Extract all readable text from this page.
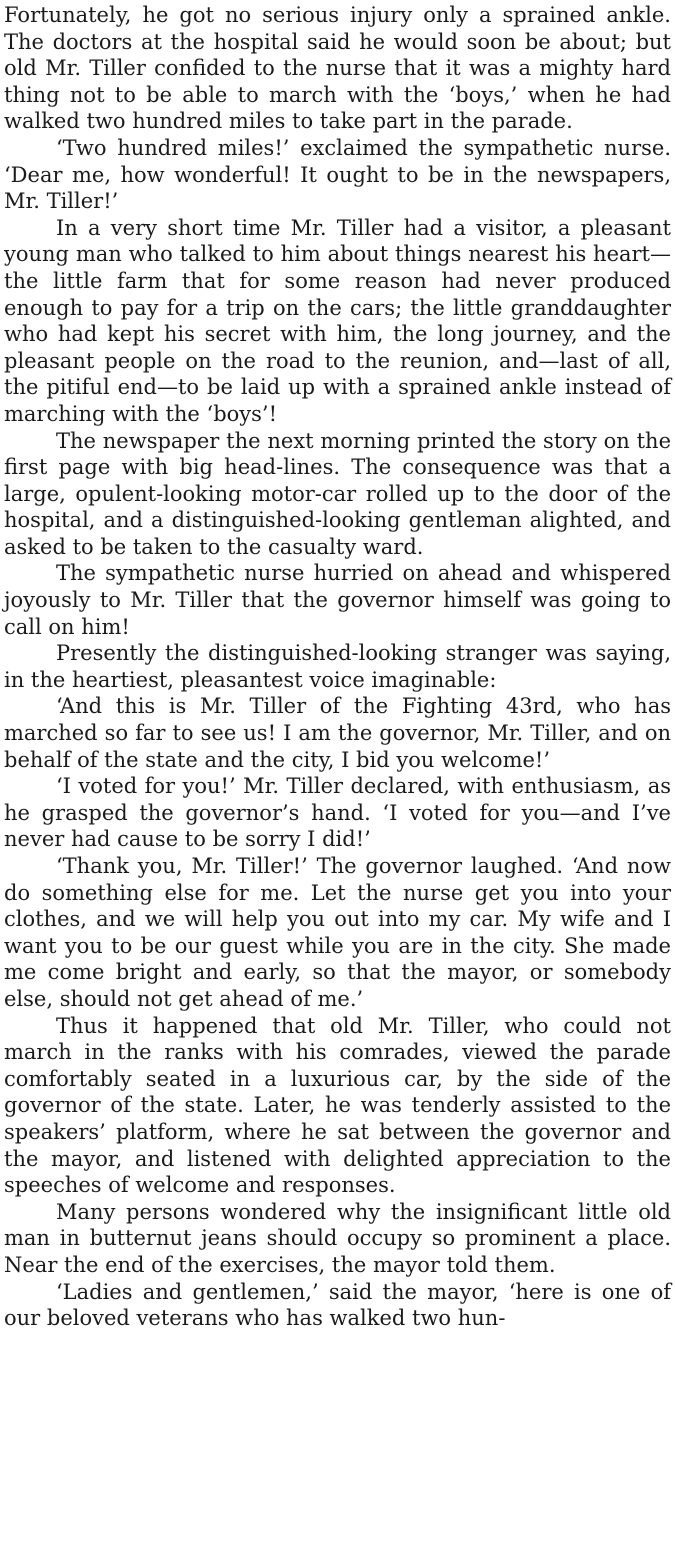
Fortunately, he got no serious injury only a sprained ankle. The doctors at the hospital said he would soon be about; but old Mr. Tiller confided to the nurse that it was a mighty hard thing not to be able to march with the ‘boys,’ when he had walked two hundred miles to take part in the parade.

‘Two hundred miles!’ exclaimed the sympathetic nurse. ‘Dear me, how wonderful! It ought to be in the newspapers, Mr. Tiller!’

In a very short time Mr. Tiller had a visitor, a pleasant young man who talked to him about things nearest his heart—the little farm that for some reason had never produced enough to pay for a trip on the cars; the little granddaughter who had kept his secret with him, the long journey, and the pleasant people on the road to the reunion, and—last of all, the pitiful end—to be laid up with a sprained ankle instead of marching with the ‘boys’!

The newspaper the next morning printed the story on the first page with big head-lines. The consequence was that a large, opulent-looking motor-car rolled up to the door of the hospital, and a distinguished-looking gentleman alighted, and asked to be taken to the casualty ward.

The sympathetic nurse hurried on ahead and whispered joyously to Mr. Tiller that the governor himself was going to call on him!

Presently the distinguished-looking stranger was saying, in the heartiest, pleasantest voice imaginable:

‘And this is Mr. Tiller of the Fighting 43rd, who has marched so far to see us! I am the governor, Mr. Tiller, and on behalf of the state and the city, I bid you welcome!’

‘I voted for you!’ Mr. Tiller declared, with enthusiasm, as he grasped the governor’s hand. ‘I voted for you—and I’ve never had cause to be sorry I did!’

‘Thank you, Mr. Tiller!’ The governor laughed. ‘And now do something else for me. Let the nurse get you into your clothes, and we will help you out into my car. My wife and I want you to be our guest while you are in the city. She made me come bright and early, so that the mayor, or somebody else, should not get ahead of me.’

Thus it happened that old Mr. Tiller, who could not march in the ranks with his comrades, viewed the parade comfortably seated in a luxurious car, by the side of the governor of the state. Later, he was tenderly assisted to the speakers’ platform, where he sat between the governor and the mayor, and listened with delighted appreciation to the speeches of welcome and responses.

Many persons wondered why the insignificant little old man in butternut jeans should occupy so prominent a place. Near the end of the exercises, the mayor told them.

‘Ladies and gentlemen,’ said the mayor, ‘here is one of our beloved veterans who has walked two hun-
